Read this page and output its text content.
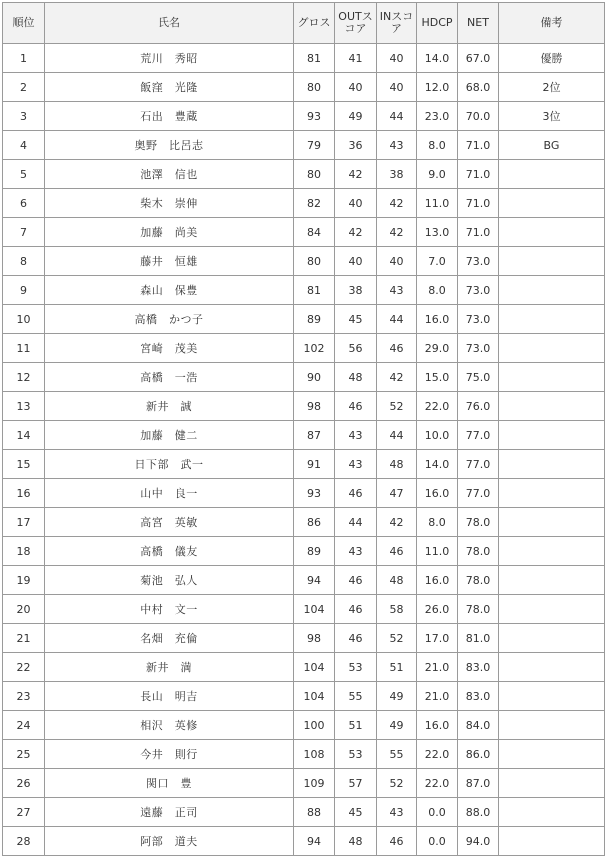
順位	氏名	グロス	OUTスコア	INスコア	HDCP	NET	備考
1	荒川　秀昭	81	41	40	14.0	67.0	優勝
2	飯窪　光隆	80	40	40	12.0	68.0	2位
3	石出　豊蔵	93	49	44	23.0	70.0	3位
4	奥野　比呂志	79	36	43	8.0	71.0	BG
5	池澤　信也	80	42	38	9.0	71.0	
6	柴木　崇伸	82	40	42	11.0	71.0	
7	加藤　尚美	84	42	42	13.0	71.0	
8	藤井　恒雄	80	40	40	7.0	73.0	
9	森山　保豊	81	38	43	8.0	73.0	
10	高橋　かつ子	89	45	44	16.0	73.0	
11	宮崎　茂美	102	56	46	29.0	73.0	
12	高橋　一浩	90	48	42	15.0	75.0	
13	新井　誠	98	46	52	22.0	76.0	
14	加藤　健二	87	43	44	10.0	77.0	
15	日下部　武一	91	43	48	14.0	77.0	
16	山中　良一	93	46	47	16.0	77.0	
17	高宮　英敏	86	44	42	8.0	78.0	
18	高橋　儀友	89	43	46	11.0	78.0	
19	菊池　弘人	94	46	48	16.0	78.0	
20	中村　文一	104	46	58	26.0	78.0	
21	名畑　充倫	98	46	52	17.0	81.0	
22	新井　満	104	53	51	21.0	83.0	
23	長山　明吉	104	55	49	21.0	83.0	
24	相沢　英修	100	51	49	16.0	84.0	
25	今井　則行	108	53	55	22.0	86.0	
26	関口　豊	109	57	52	22.0	87.0	
27	遠藤　正司	88	45	43	0.0	88.0	
28	阿部　道夫	94	48	46	0.0	94.0	
